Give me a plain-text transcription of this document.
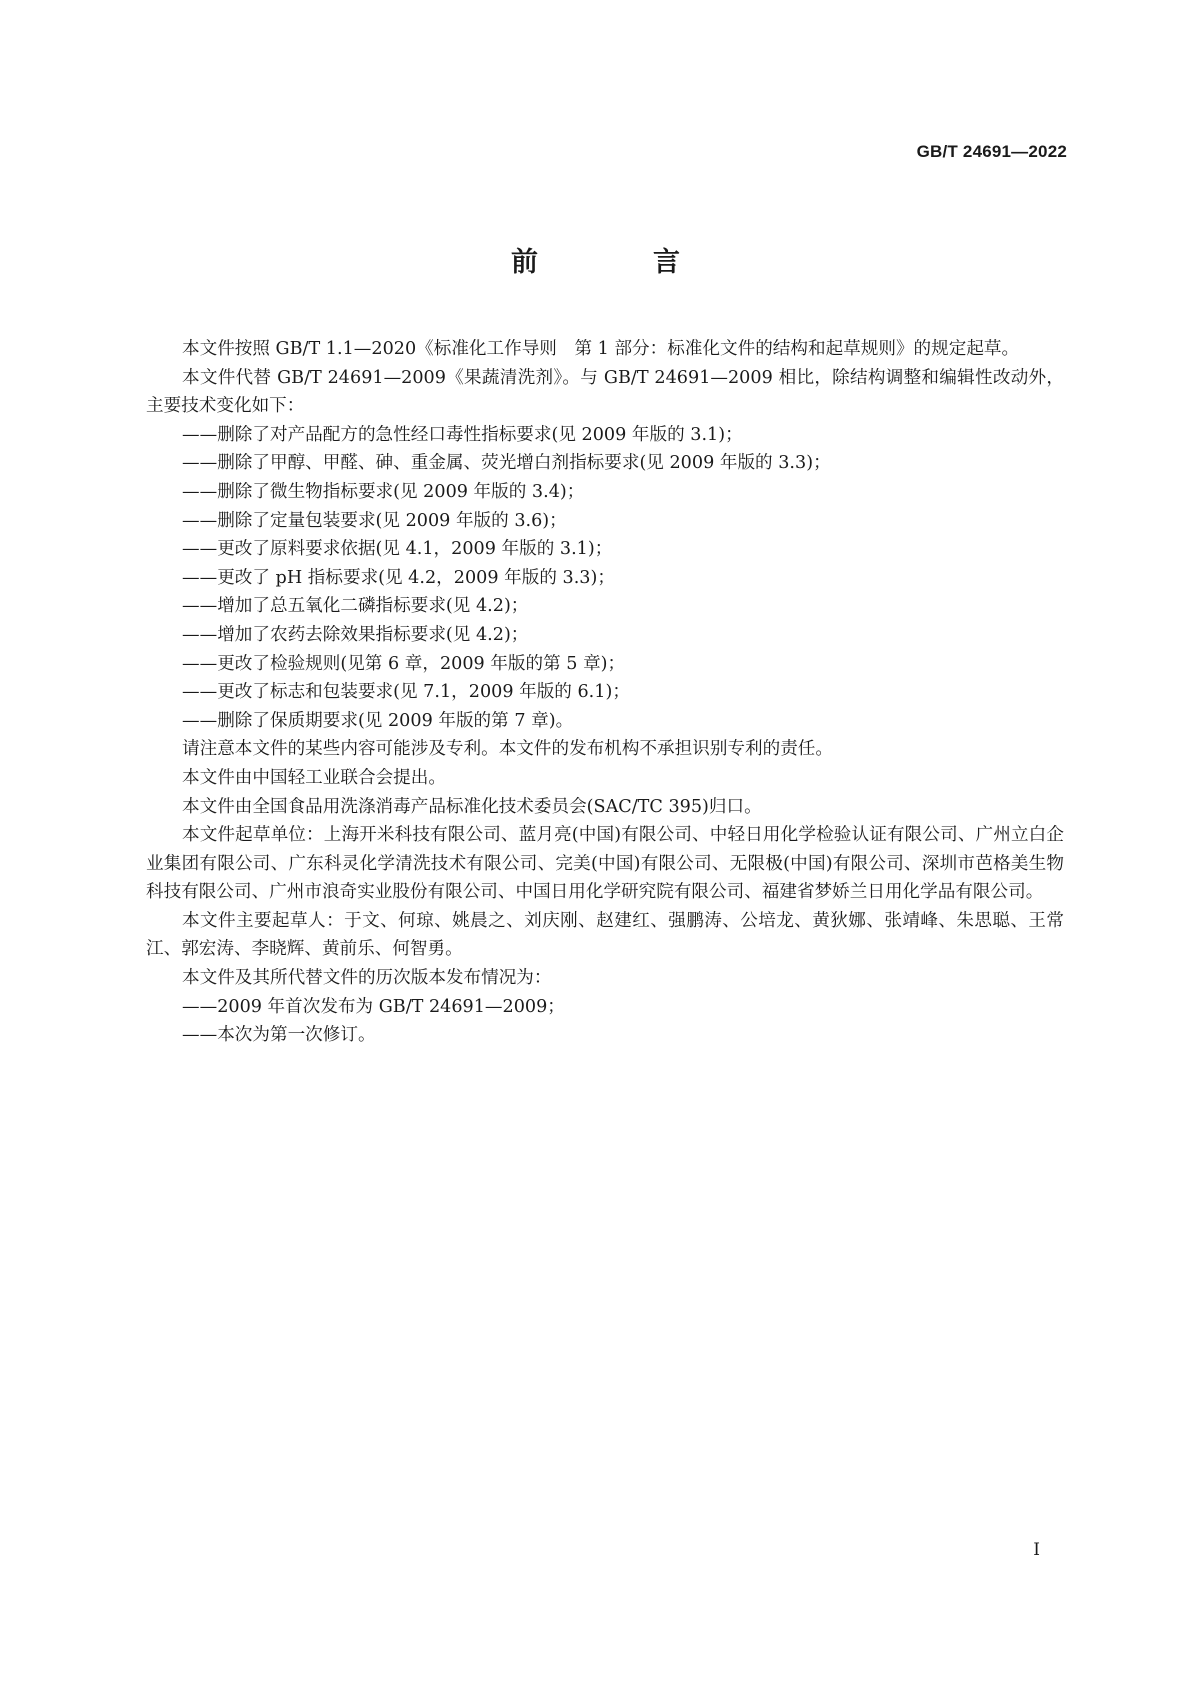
GB/T 24691—2022
前　言

本文件按照 GB/T 1.1—2020《标准化工作导则　第 1 部分：标准化文件的结构和起草规则》的规定起草。

本文件代替 GB/T 24691—2009《果蔬清洗剂》。与 GB/T 24691—2009 相比，除结构调整和编辑性改动外，主要技术变化如下：

——删除了对产品配方的急性经口毒性指标要求(见 2009 年版的 3.1)；

——删除了甲醇、甲醛、砷、重金属、荧光增白剂指标要求(见 2009 年版的 3.3)；

——删除了微生物指标要求(见 2009 年版的 3.4)；

——删除了定量包装要求(见 2009 年版的 3.6)；

——更改了原料要求依据(见 4.1，2009 年版的 3.1)；

——更改了 pH 指标要求(见 4.2，2009 年版的 3.3)；

——增加了总五氧化二磷指标要求(见 4.2)；

——增加了农药去除效果指标要求(见 4.2)；

——更改了检验规则(见第 6 章，2009 年版的第 5 章)；

——更改了标志和包装要求(见 7.1，2009 年版的 6.1)；

——删除了保质期要求(见 2009 年版的第 7 章)。

请注意本文件的某些内容可能涉及专利。本文件的发布机构不承担识别专利的责任。

本文件由中国轻工业联合会提出。

本文件由全国食品用洗涤消毒产品标准化技术委员会(SAC/TC 395)归口。

本文件起草单位：上海开米科技有限公司、蓝月亮(中国)有限公司、中轻日用化学检验认证有限公司、广州立白企业集团有限公司、广东科灵化学清洗技术有限公司、完美(中国)有限公司、无限极(中国)有限公司、深圳市芭格美生物科技有限公司、广州市浪奇实业股份有限公司、中国日用化学研究院有限公司、福建省梦娇兰日用化学品有限公司。

本文件主要起草人：于文、何琼、姚晨之、刘庆刚、赵建红、强鹏涛、公培龙、黄狄娜、张靖峰、朱思聪、王常江、郭宏涛、李晓辉、黄前乐、何智勇。

本文件及其所代替文件的历次版本发布情况为：

——2009 年首次发布为 GB/T 24691—2009；

——本次为第一次修订。

I
